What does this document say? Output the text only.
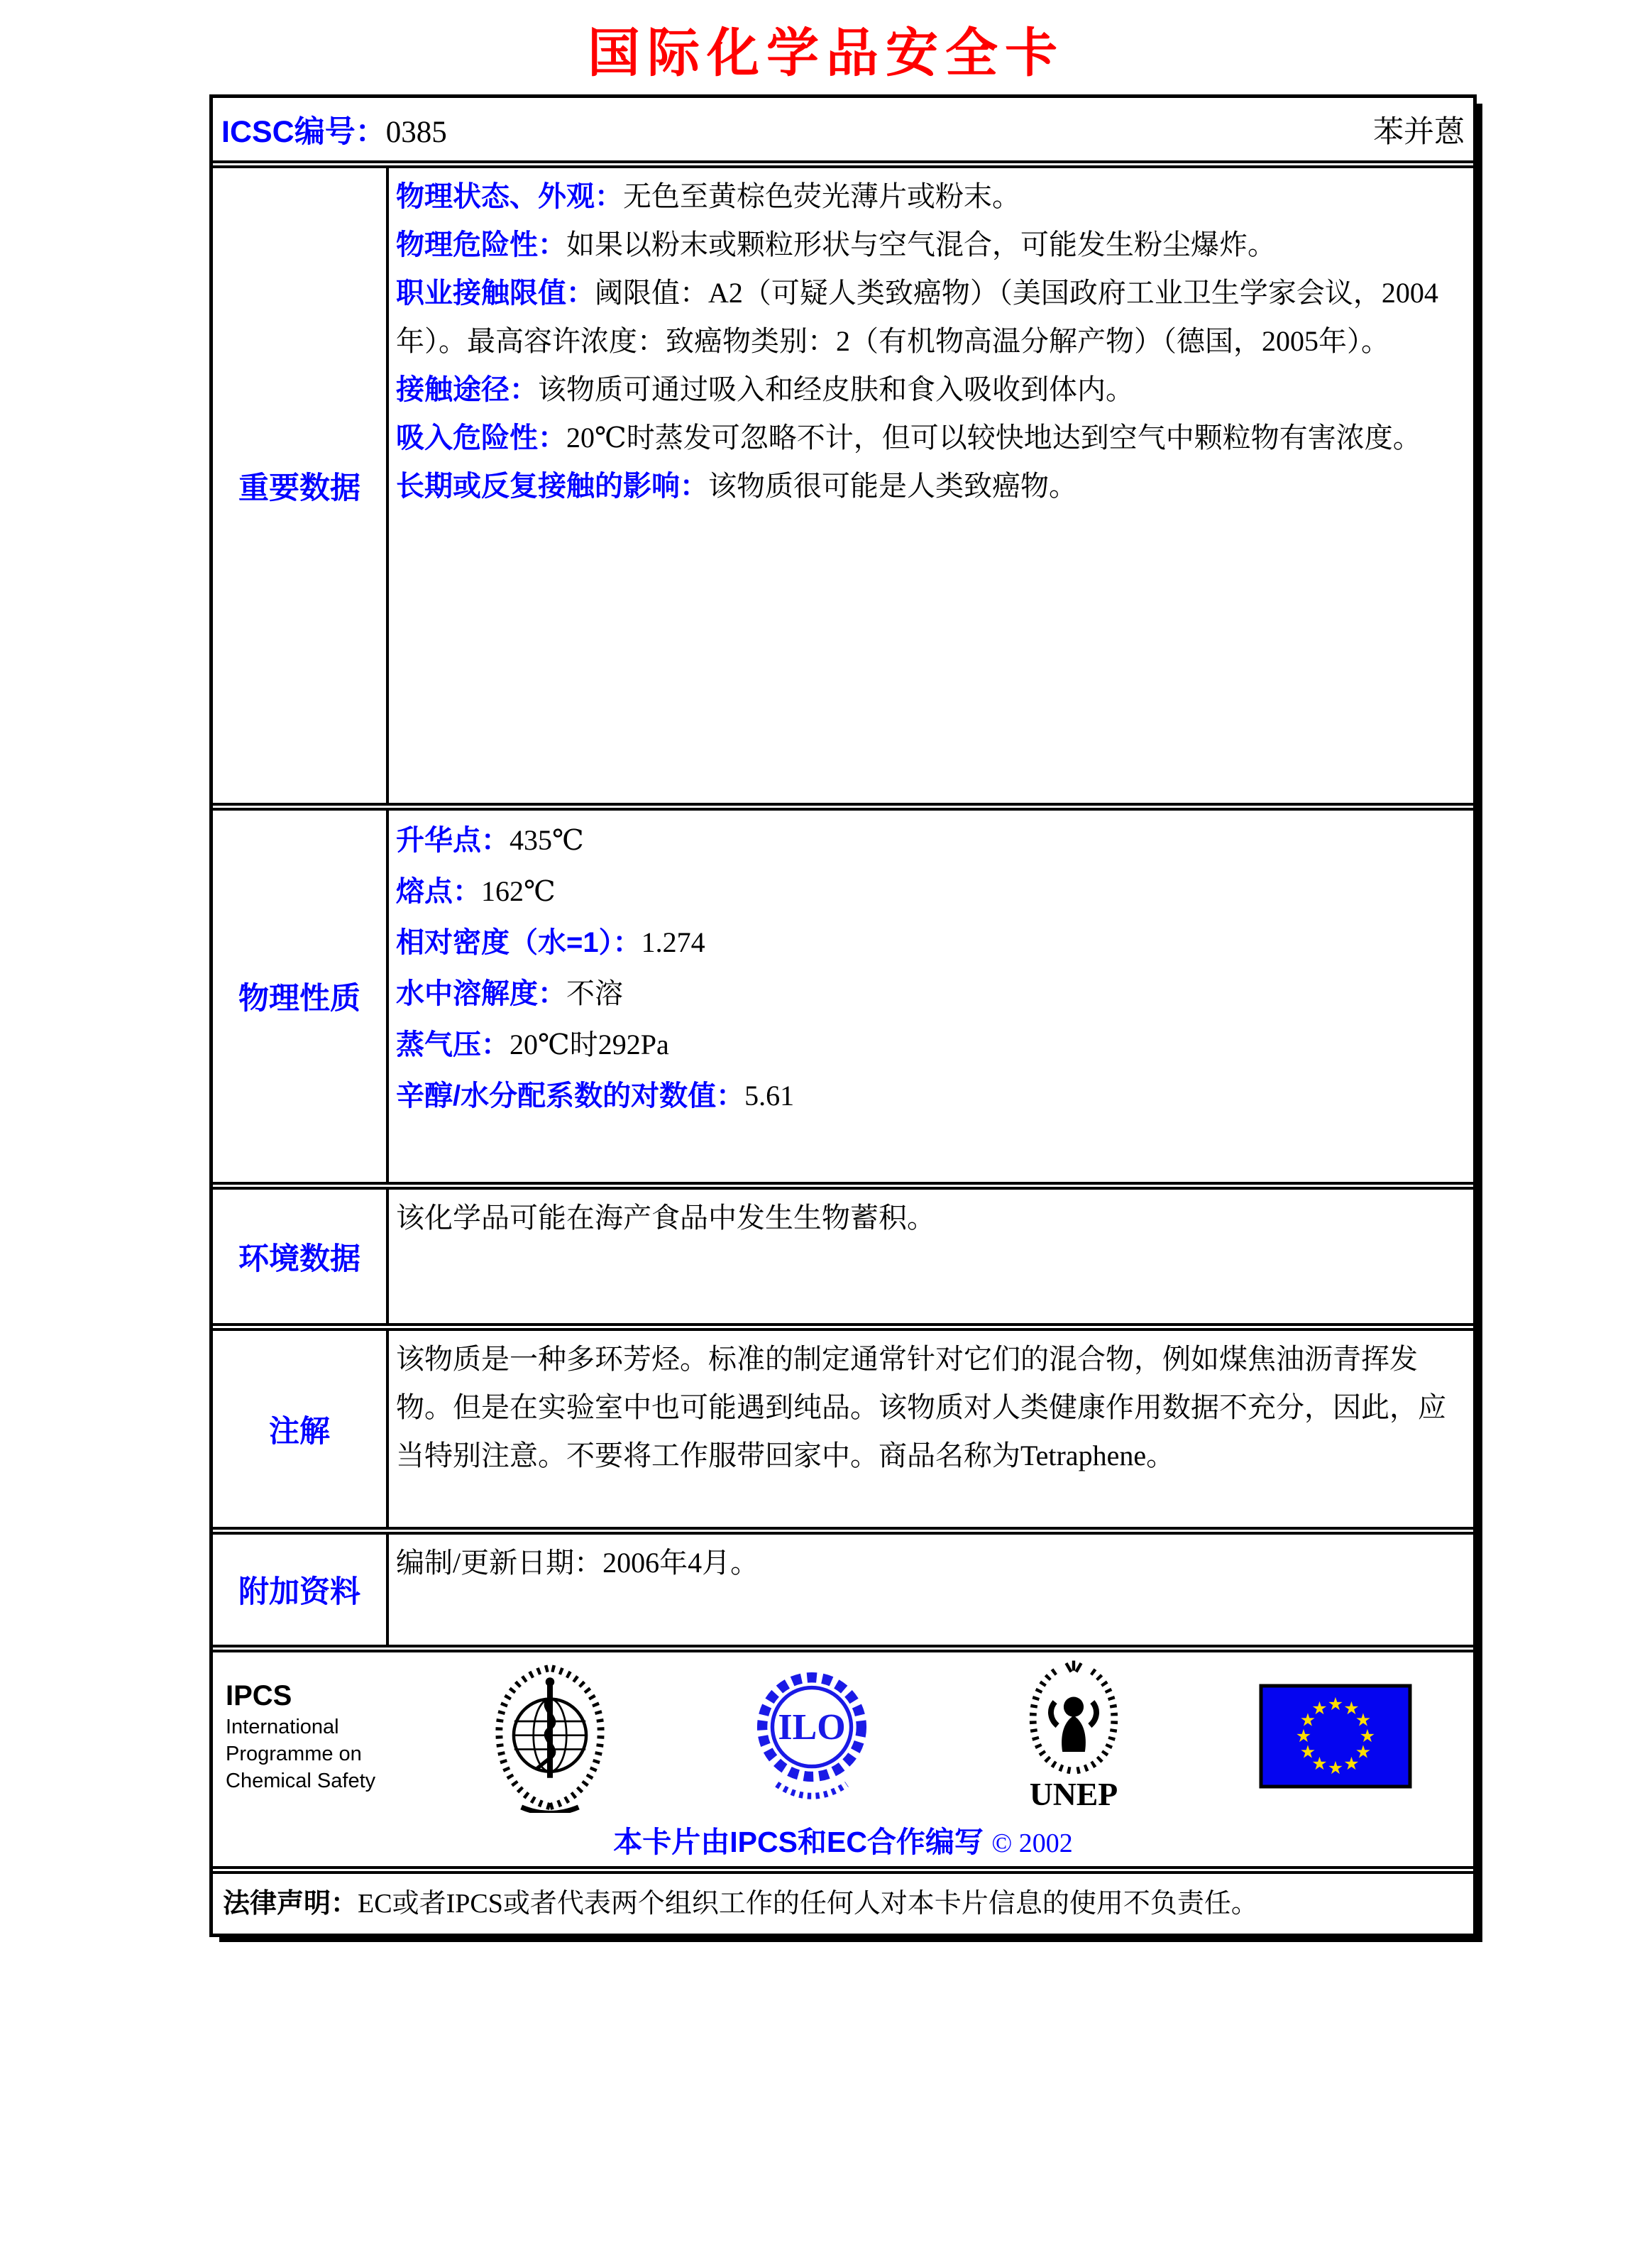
国际化学品安全卡
ICSC编号：0385	苯并蒽
重要数据
物理状态、外观：无色至黄棕色荧光薄片或粉末。
物理危险性：如果以粉末或颗粒形状与空气混合，可能发生粉尘爆炸。
职业接触限值：阈限值：A2（可疑人类致癌物）（美国政府工业卫生学家会议，2004年）。最高容许浓度：致癌物类别：2（有机物高温分解产物）（德国，2005年）。
接触途径：该物质可通过吸入和经皮肤和食入吸收到体内。
吸入危险性：20℃时蒸发可忽略不计，但可以较快地达到空气中颗粒物有害浓度。
长期或反复接触的影响：该物质很可能是人类致癌物。
物理性质
升华点：435℃
熔点：162℃
相对密度（水=1）：1.274
水中溶解度：不溶
蒸气压：20℃时292Pa
辛醇/水分配系数的对数值：5.61
环境数据
该化学品可能在海产食品中发生生物蓄积。
注解
该物质是一种多环芳烃。标准的制定通常针对它们的混合物，例如煤焦油沥青挥发物。但是在实验室中也可能遇到纯品。该物质对人类健康作用数据不充分，因此，应当特别注意。不要将工作服带回家中。商品名称为Tetraphene。
附加资料
编制/更新日期：2006年4月。
IPCS
International
Programme on
Chemical Safety
ILO
UNEP
★ ★
★
★
★
★
★
★
★
★
★
★
本卡片由IPCS和EC合作编写 © 2002
法律声明：EC或者IPCS或者代表两个组织工作的任何人对本卡片信息的使用不负责任。
